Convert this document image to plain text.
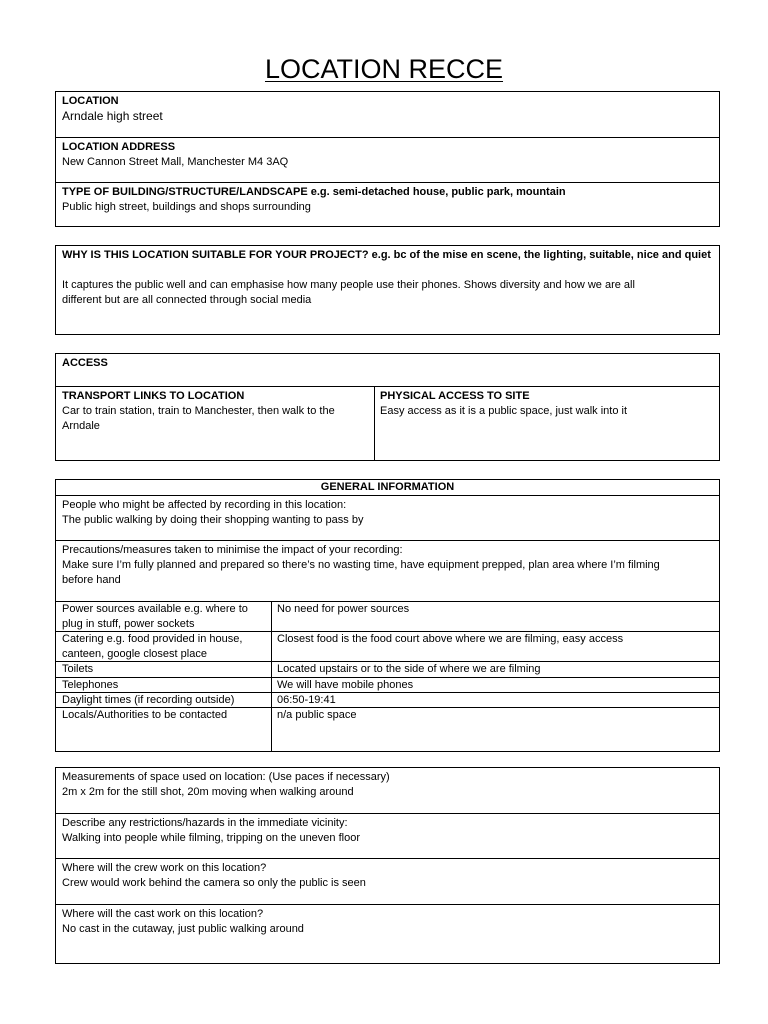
LOCATION RECCE
LOCATION
Arndale high street
LOCATION ADDRESS
New Cannon Street Mall, Manchester M4 3AQ
TYPE OF BUILDING/STRUCTURE/LANDSCAPE e.g. semi-detached house, public park, mountain
Public high street, buildings and shops surrounding
WHY IS THIS LOCATION SUITABLE FOR YOUR PROJECT? e.g. bc of the mise en scene, the lighting, suitable, nice and quiet
It captures the public well and can emphasise how many people use their phones. Shows diversity and how we are all
different but are all connected through social media
ACCESS
TRANSPORT LINKS TO LOCATION
Car to train station, train to Manchester, then walk to the
Arndale
PHYSICAL ACCESS TO SITE
Easy access as it is a public space, just walk into it
GENERAL INFORMATION
People who might be affected by recording in this location:
The public walking by doing their shopping wanting to pass by
Precautions/measures taken to minimise the impact of your recording:
Make sure I’m fully planned and prepared so there’s no wasting time, have equipment prepped, plan area where I’m filming
before hand
Power sources available e.g. where to
plug in stuff, power sockets
No need for power sources
Catering e.g. food provided in house,
canteen, google closest place
Closest food is the food court above where we are filming, easy access
Toilets	Located upstairs or to the side of where we are filming
Telephones	We will have mobile phones
Daylight times (if recording outside)	06:50-19:41
Locals/Authorities to be contacted	n/a public space
Measurements of space used on location: (Use paces if necessary)
2m x 2m for the still shot, 20m moving when walking around
Describe any restrictions/hazards in the immediate vicinity:
Walking into people while filming, tripping on the uneven floor
Where will the crew work on this location?
Crew would work behind the camera so only the public is seen
Where will the cast work on this location?
No cast in the cutaway, just public walking around
